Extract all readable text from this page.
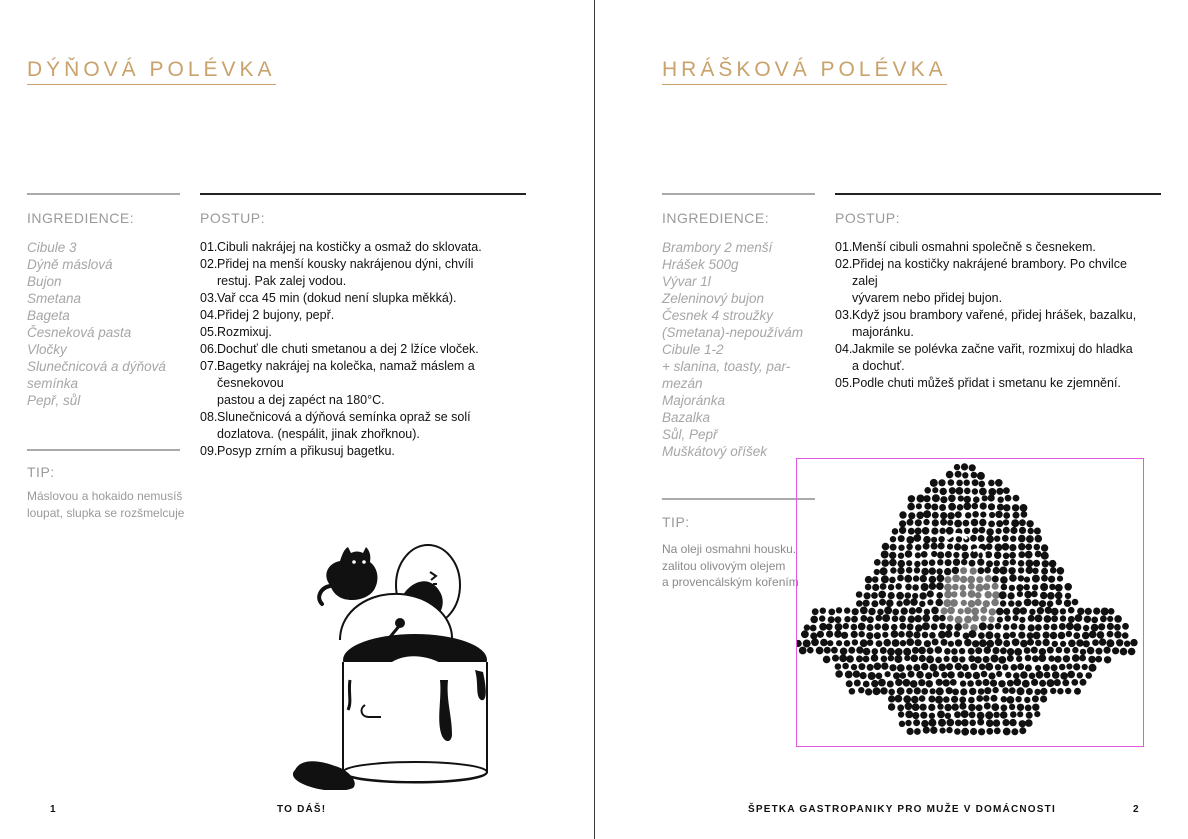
DÝŇOVÁ POLÉVKA
INGREDIENCE:	POSTUP:
Cibule 3
Dýně máslová
Bujon
Smetana
Bageta
Česneková pasta
Vločky
Slunečnicová a dýňová
semínka
Pepř, sůl
01. Cibuli nakrájej na kostičky a osmaž do sklovata.
02. Přidej na menší kousky nakrájenou dýni, chvíli
restuj. Pak zalej vodou.
03. Vař cca 45 min (dokud není slupka měkká).
04. Přidej 2 bujony, pepř.
05. Rozmixuj.
06. Dochuť dle chuti smetanou a dej 2 lžíce vloček.
07. Bagetky nakrájej na kolečka, namaž máslem a česnekovou
pastou a dej zapéct na 180°C.
08. Slunečnicová a dýňová semínka opraž se solí
dozlatova. (nespálit, jinak zhořknou).
09. Posyp zrním a přikusuj bagetku.
TIP:
Máslovou a hokaido nemusíš
loupat, slupka se rozšmelcuje
1	TO DÁŠ!
HRÁŠKOVÁ POLÉVKA
INGREDIENCE:	POSTUP:
Brambory 2 menší
Hrášek 500g
Vývar 1l
Zeleninový bujon
Česnek 4 stroužky
(Smetana)-nepoužívám
Cibule 1-2
+ slanina, toasty, par-
mezán
Majoránka
Bazalka
Sůl, Pepř
Muškátový oříšek
01. Menší cibuli osmahni společně s česnekem.
02. Přidej na kostičky nakrájené brambory. Po chvilce zalej
vývarem nebo přidej bujon.
03. Když jsou brambory vařené, přidej hrášek, bazalku,
majoránku.
04. Jakmile se polévka začne vařit, rozmixuj do hladka
a dochuť.
05. Podle chuti můžeš přidat i smetanu ke zjemnění.
TIP:
Na oleji osmahni housku.
zalitou olivovým olejem
a provencálským kořením
ŠPETKA GASTROPANIKY PRO MUŽE V DOMÁCNOSTI	2
